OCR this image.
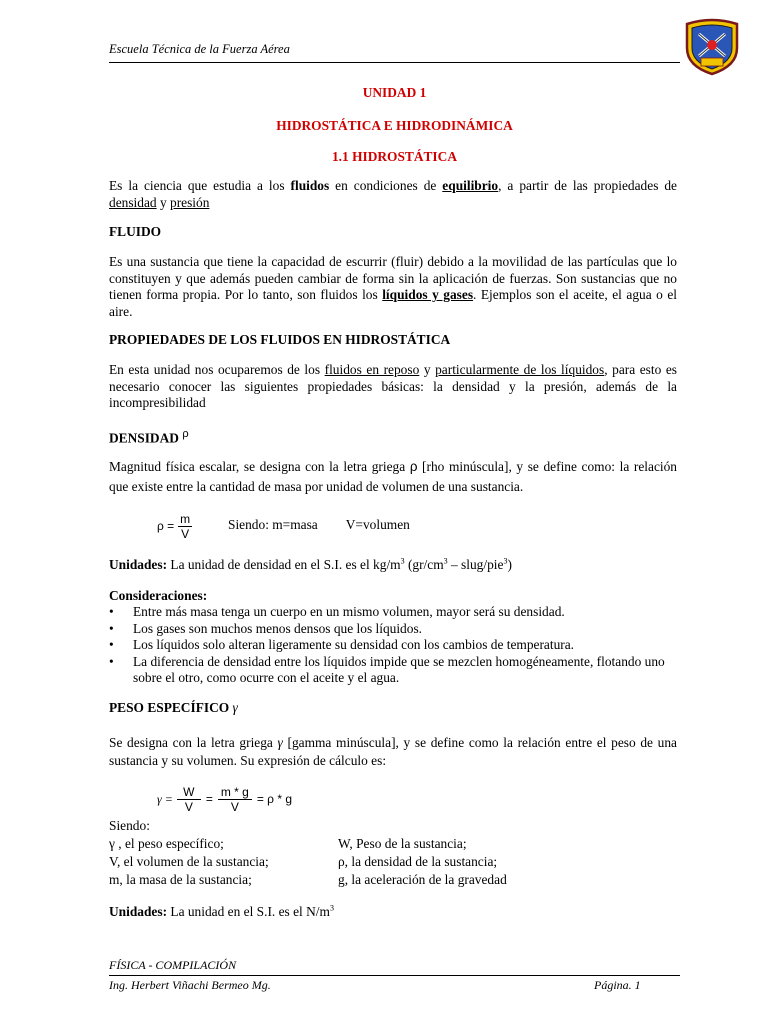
Escuela Técnica de la Fuerza Aérea
UNIDAD 1
HIDROSTÁTICA E HIDRODINÁMICA
1.1 HIDROSTÁTICA
Es la ciencia que estudia a los fluidos en condiciones de equilibrio, a partir de las propiedades de densidad y presión
FLUIDO
Es una sustancia que tiene la capacidad de escurrir (fluir) debido a la movilidad de las partículas que lo constituyen y que además pueden cambiar de forma sin la aplicación de fuerzas. Son sustancias que no tienen forma propia. Por lo tanto, son fluidos los líquidos y gases. Ejemplos son el aceite, el agua o el aire.
PROPIEDADES DE LOS FLUIDOS EN HIDROSTÁTICA
En esta unidad nos ocuparemos de los fluidos en reposo y particularmente de los líquidos, para esto es necesario conocer las siguientes propiedades básicas: la densidad y la presión, además de la incompresibilidad
DENSIDAD $^\rho$
Magnitud física escalar, se designa con la letra griega ρ [rho minúscula], y se define como: la relación que existe entre la cantidad de masa por unidad de volumen de una sustancia.
$\rho = \frac{m}{V}$	Siendo: m=masa V=volumen
Unidades: La unidad de densidad en el S.I. es el $kg/m^3$ ($gr/cm^3$ – slug/pie$^3$)
Consideraciones:
• Entre más masa tenga un cuerpo en un mismo volumen, mayor será su densidad.
• Los gases son muchos menos densos que los líquidos.
• Los líquidos solo alteran ligeramente su densidad con los cambios de temperatura.
• La diferencia de densidad entre los líquidos impide que se mezclen homogéneamente, flotando uno sobre el otro, como ocurre con el aceite y el agua.
PESO ESPECÍFICO γ
Se designa con la letra griega γ [gamma minúscula], y se define como la relación entre el peso de una sustancia y su volumen. Su expresión de cálculo es:
$\gamma = \frac{W}{V} = \frac{m * g}{V} = \rho * g$
Siendo:
γ , el peso específico;
V, el volumen de la sustancia;
m, la masa de la sustancia;
W, Peso de la sustancia;
ρ, la densidad de la sustancia;
g, la aceleración de la gravedad
Unidades: La unidad en el S.I. es el $N/m^3$
FÍSICA - COMPILACIÓN
Ing. Herbert Viñachi Bermeo Mg.	Página. 1
